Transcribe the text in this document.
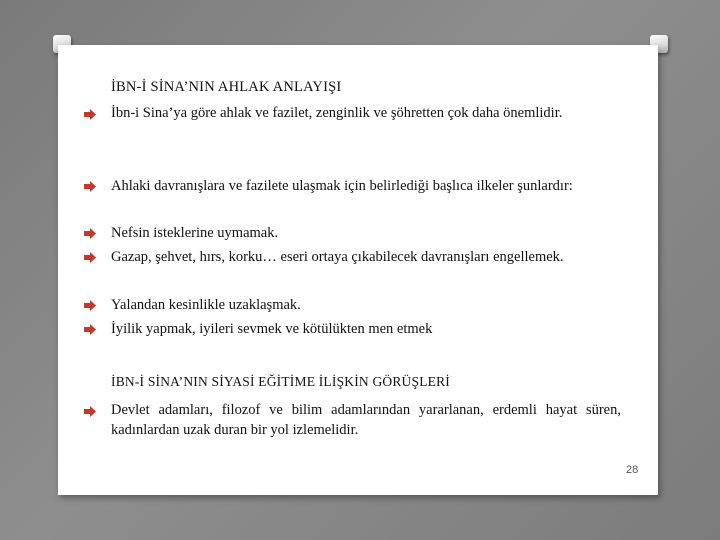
İBN-İ SİNA’NIN AHLAK ANLAYIŞI
İbn-i Sina’ya göre ahlak ve fazilet, zenginlik ve şöhretten çok daha önemlidir.
Ahlaki davranışlara ve fazilete ulaşmak için belirlediği başlıca ilkeler şunlardır:
Nefsin isteklerine uymamak.
Gazap, şehvet, hırs, korku… eseri ortaya çıkabilecek davranışları engellemek.
Yalandan kesinlikle uzaklaşmak.
İyilik yapmak, iyileri sevmek ve kötülükten men etmek
İBN-İ SİNA’NIN SİYASİ EĞİTİME İLİŞKİN GÖRÜŞLERİ
Devlet adamları, filozof ve bilim adamlarından yararlanan, erdemli hayat süren, kadınlardan uzak duran bir yol izlemelidir.
28
